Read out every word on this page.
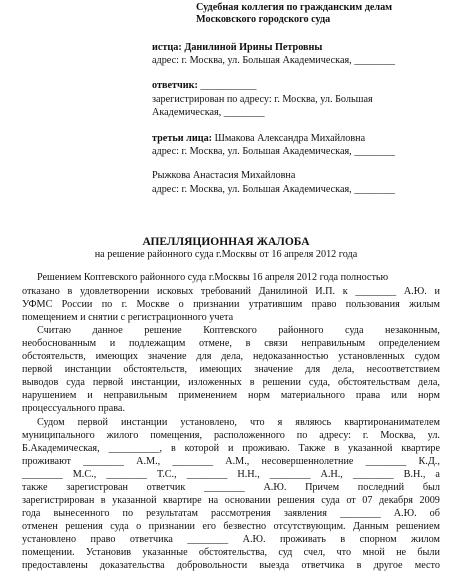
Судебная коллегия по гражданским делам
Московского городского суда
истца: Данилиной Ирины Петровны
адрес: г. Москва, ул. Большая Академическая, ________
ответчик: ___________
зарегистрирован по адресу: г. Москва, ул. Большая
Академическая, ________
третьи лица: Шмакова Александра Михайловна
адрес: г. Москва, ул. Большая Академическая, ________
Рыжкова Анастасия Михайловна
адрес: г. Москва, ул. Большая Академическая, ________
АПЕЛЛЯЦИОННАЯ ЖАЛОБА
на решение районного суда г.Москвы от 16 апреля 2012 года
Решением Коптевского районного суда г.Москвы 16 апреля 2012 года полностью
отказано в удовлетворении исковых требований Данилиной И.П. к ________ А.Ю. и
УФМС России по г. Москве о признании утратившим право пользования жилым
помещением и снятии с регистрационного учета
Считаю данное решение Коптевского районного суда незаконным,
необоснованным и подлежащим отмене, в связи неправильным определением
обстоятельств, имеющих значение для дела, недоказанностью установленных судом
первой инстанции обстоятельств, имеющих значение для дела, несоответствием
выводов суда первой инстанции, изложенных в решении суда, обстоятельствам дела,
нарушением и неправильным применением норм материального права или норм
процессуального права.
Судом первой инстанции установлено, что я являюсь квартиронанимателем
муниципального жилого помещения, расположенного по адресу: г. Москва, ул.
Б.Академическая, __________, в которой и проживаю. Также в указанной квартире
проживают ________ А.М., ________ А.М., несовершеннолетние ________ К.Д.,
________ М.С., ________ Т.С., ________ Н.Н., ________ А.Н., ________ В.Н., а
также зарегистрован ответчик ________ А.Ю. Причем последний был
зарегистрирован в указанной квартире на основании решения суда от 07 декабря 2009
года вынесенного по результатам рассмотрения заявления ________ А.Ю. об
отменен решения суда о признании его безвестно отсутствующим. Данным решением
установлено право ответчика ________ А.Ю. проживать в спорном жилом
помещении. Установив указанные обстоятельства, суд счел, что мной не были
предоставлены доказательства добровольности выезда ответчика в другое место
